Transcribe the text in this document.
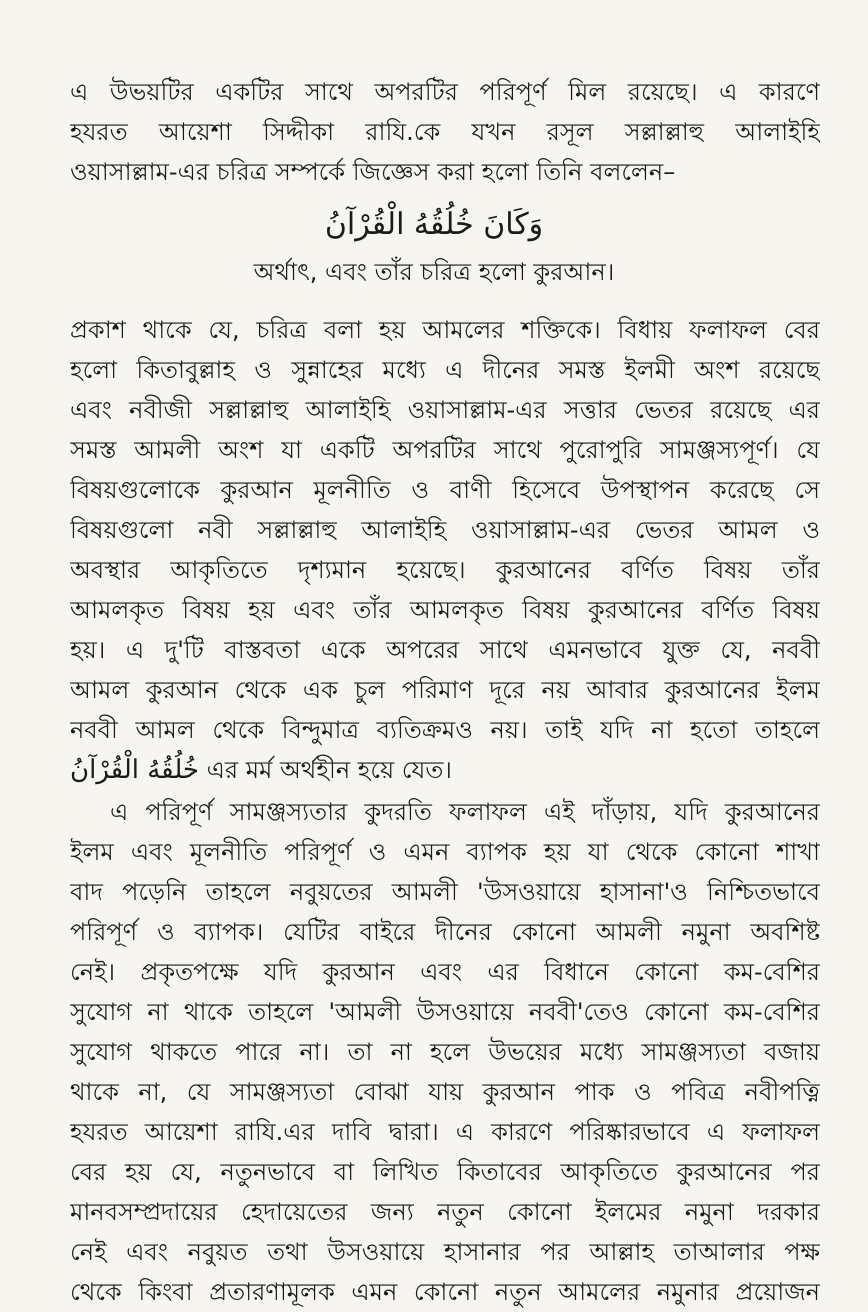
এ উভয়টির একটির সাথে অপরটির পরিপূর্ণ মিল রয়েছে। এ কারণে
হযরত আয়েশা সিদ্দীকা রাযি.কে যখন রসূল সল্লাল্লাহু আলাইহি
ওয়াসাল্লাম-এর চরিত্র সম্পর্কে জিজ্ঞেস করা হলো তিনি বললেন–
وَكَانَ خُلُقُهُ الْقُرْآنُ
অর্থাৎ, এবং তাঁর চরিত্র হলো কুরআন।
প্রকাশ থাকে যে, চরিত্র বলা হয় আমলের শক্তিকে। বিধায় ফলাফল বের
হলো কিতাবুল্লাহ ও সুন্নাহের মধ্যে এ দীনের সমস্ত ইলমী অংশ রয়েছে
এবং নবীজী সল্লাল্লাহু আলাইহি ওয়াসাল্লাম-এর সত্তার ভেতর রয়েছে এর
সমস্ত আমলী অংশ যা একটি অপরটির সাথে পুরোপুরি সামঞ্জস্যপূর্ণ। যে
বিষয়গুলোকে কুরআন মূলনীতি ও বাণী হিসেবে উপস্থাপন করেছে সে
বিষয়গুলো নবী সল্লাল্লাহু আলাইহি ওয়াসাল্লাম-এর ভেতর আমল ও
অবস্থার আকৃতিতে দৃশ্যমান হয়েছে। কুরআনের বর্ণিত বিষয় তাঁর
আমলকৃত বিষয় হয় এবং তাঁর আমলকৃত বিষয় কুরআনের বর্ণিত বিষয়
হয়। এ দু'টি বাস্তবতা একে অপরের সাথে এমনভাবে যুক্ত যে, নববী
আমল কুরআন থেকে এক চুল পরিমাণ দূরে নয় আবার কুরআনের ইলম
নববী আমল থেকে বিন্দুমাত্র ব্যতিক্রমও নয়। তাই যদি না হতো তাহলে
خُلُقُهُ الْقُرْآنُ এর মর্ম অর্থহীন হয়ে যেত।
এ পরিপূর্ণ সামঞ্জস্যতার কুদরতি ফলাফল এই দাঁড়ায়, যদি কুরআনের
ইলম এবং মূলনীতি পরিপূর্ণ ও এমন ব্যাপক হয় যা থেকে কোনো শাখা
বাদ পড়েনি তাহলে নবুয়তের আমলী 'উসওয়ায়ে হাসানা'ও নিশ্চিতভাবে
পরিপূর্ণ ও ব্যাপক। যেটির বাইরে দীনের কোনো আমলী নমুনা অবশিষ্ট
নেই। প্রকৃতপক্ষে যদি কুরআন এবং এর বিধানে কোনো কম-বেশির
সুযোগ না থাকে তাহলে 'আমলী উসওয়ায়ে নববী'তেও কোনো কম-বেশির
সুযোগ থাকতে পারে না। তা না হলে উভয়ের মধ্যে সামঞ্জস্যতা বজায়
থাকে না, যে সামঞ্জস্যতা বোঝা যায় কুরআন পাক ও পবিত্র নবীপত্নি
হযরত আয়েশা রাযি.এর দাবি দ্বারা। এ কারণে পরিষ্কারভাবে এ ফলাফল
বের হয় যে, নতুনভাবে বা লিখিত কিতাবের আকৃতিতে কুরআনের পর
মানবসম্প্রদায়ের হেদায়েতের জন্য নতুন কোনো ইলমের নমুনা দরকার
নেই এবং নবুয়ত তথা উসওয়ায়ে হাসানার পর আল্লাহ তাআলার পক্ষ
থেকে কিংবা প্রতারণামূলক এমন কোনো নতুন আমলের নমুনার প্রয়োজন
